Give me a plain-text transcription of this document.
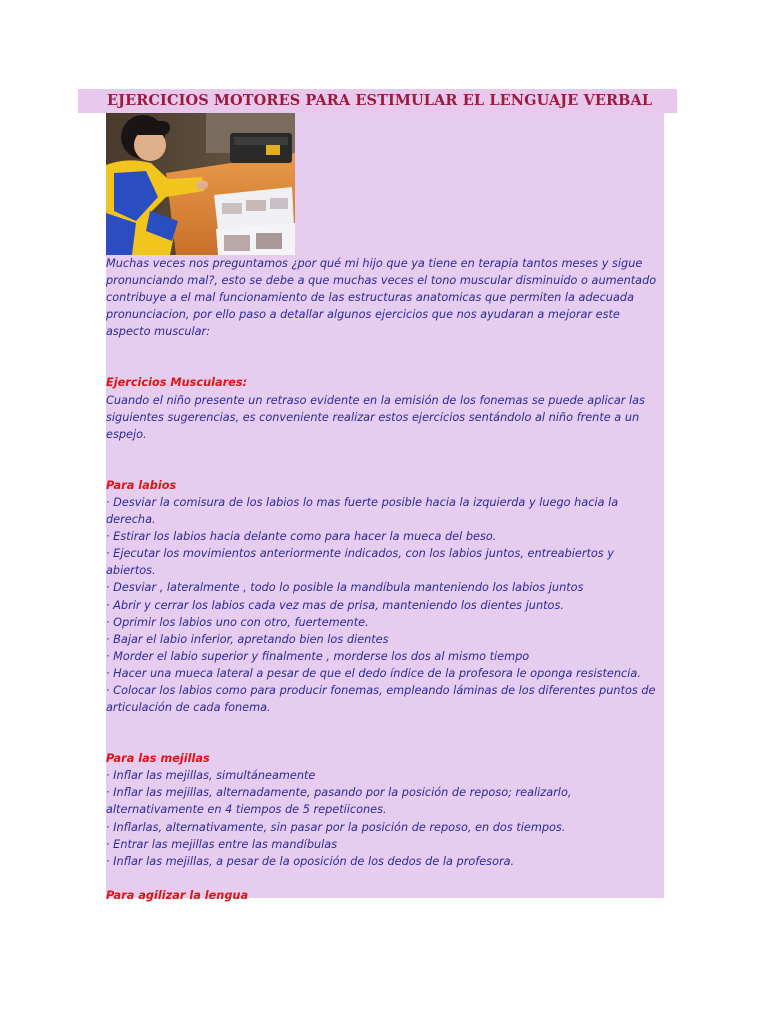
EJERCICIOS MOTORES PARA ESTIMULAR EL LENGUAJE VERBAL

Muchas veces nos preguntamos ¿por qué mi hijo que ya tiene en terapia tantos meses y sigue pronunciando mal?, esto se debe a que muchas veces el tono muscular disminuido o aumentado contribuye a el mal funcionamiento de las estructuras anatomicas que permiten la adecuada pronunciacion, por ello paso a detallar algunos ejercicios que nos ayudaran a mejorar este aspecto muscular:

Ejercicios Musculares:

Cuando el niño presente un retraso evidente en la emisión de los fonemas se puede aplicar las siguientes sugerencias, es conveniente realizar estos ejercicios sentándolo al niño frente a un espejo.

Para labios

· Desviar la comisura de los labios lo mas fuerte posible hacia la izquierda y luego hacia la derecha.

· Estirar los labios hacia delante como para hacer la mueca del beso.

· Ejecutar los movimientos anteriormente indicados, con los labios juntos, entreabiertos y abiertos.

· Desviar , lateralmente , todo lo posible la mandíbula manteniendo los labios juntos

· Abrir y cerrar los labios cada vez mas de prisa, manteniendo los dientes juntos.

· Oprimir los labios uno con otro, fuertemente.

· Bajar el labio inferior, apretando bien los dientes

· Morder el labio superior y finalmente , morderse los dos al mismo tiempo

· Hacer una mueca lateral a pesar de que el dedo índice de la profesora le oponga resistencia.

· Colocar los labios como para producir fonemas, empleando láminas de los diferentes puntos de articulación de cada fonema.

Para las mejillas

· Inflar las mejillas, simultáneamente

· Inflar las mejillas, alternadamente, pasando por la posición de reposo; realizarlo, alternativamente en 4 tiempos de 5 repetiicones.

· Inflarlas, alternativamente, sin pasar por la posición de reposo, en dos tiempos.

· Entrar las mejillas entre las mandíbulas

· Inflar las mejillas, a pesar de la oposición de los dedos de la profesora.

Para agilizar la lengua
